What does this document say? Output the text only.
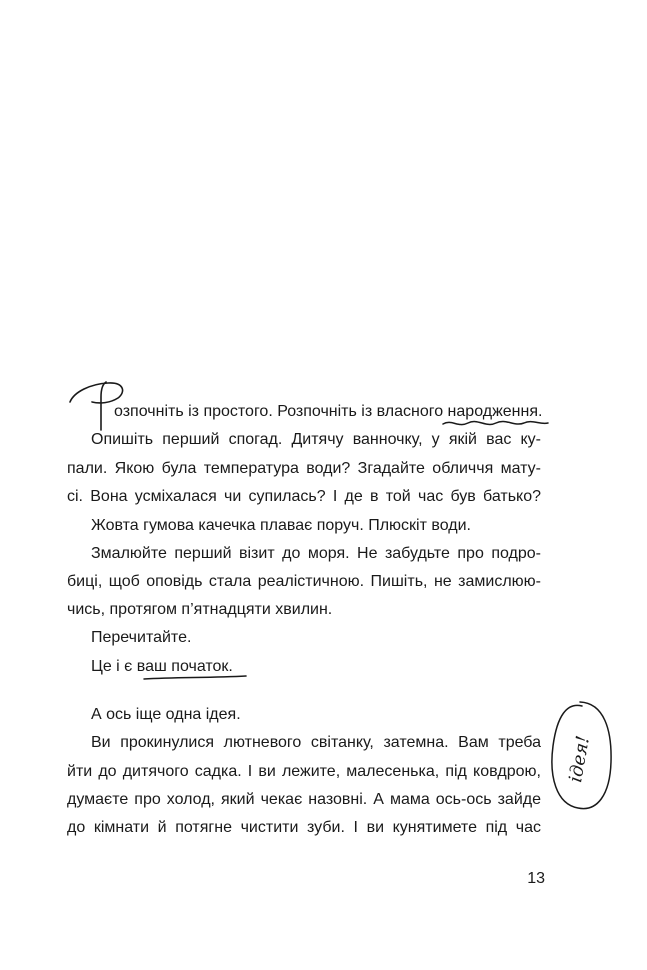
озпочніть із простого. Розпочніть із власного народження.
Опишіть перший спогад. Дитячу ванночку, у якій вас ку-
пали. Якою була температура води? Згадайте обличчя мату-
сі. Вона усміхалася чи супилась? І де в той час був батько?
Жовта гумова качечка плаває поруч. Плюскіт води.
Змалюйте перший візит до моря. Не забудьте про подро-
биці, щоб оповідь стала реалістичною. Пишіть, не замислюю-
чись, протягом п’ятнадцяти хвилин.
Перечитайте.
Це і є ваш початок.
А ось іще одна ідея.
Ви прокинулися лютневого світанку, затемна. Вам треба
йти до дитячого садка. І ви лежите, малесенька, під ковдрою,
думаєте про холод, який чекає назовні. А мама ось-ось зайде
до кімнати й потягне чистити зуби. І ви кунятимете під час
13
ідея!
